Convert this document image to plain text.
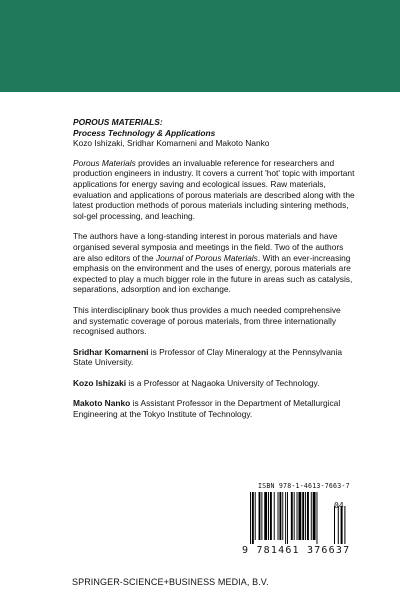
POROUS MATERIALS:
Process Technology & Applications
Kozo Ishizaki, Sridhar Komarneni and Makoto Nanko

Porous Materials provides an invaluable reference for researchers and production engineers in industry. It covers a current 'hot' topic with important applications for energy saving and ecological issues. Raw materials, evaluation and applications of porous materials are described along with the latest production methods of porous materials including sintering methods, sol-gel processing, and leaching.

The authors have a long-standing interest in porous materials and have organised several symposia and meetings in the field. Two of the authors are also editors of the Journal of Porous Materials. With an ever-increasing emphasis on the environment and the uses of energy, porous materials are expected to play a much bigger role in the future in areas such as catalysis, separations, adsorption and ion exchange.

This interdisciplinary book thus provides a much needed comprehensive and systematic coverage of porous materials, from three internationally recognised authors.

Sridhar Komarneni is Professor of Clay Mineralogy at the Pennsylvania State University.

Kozo Ishizaki is a Professor at Nagaoka University of Technology.

Makoto Nanko is Assistant Professor in the Department of Metallurgical Engineering at the Tokyo Institute of Technology.

ISBN 978-1-4613-7663-7
04
9 781461 376637
SPRINGER-SCIENCE+BUSINESS MEDIA, B.V.
